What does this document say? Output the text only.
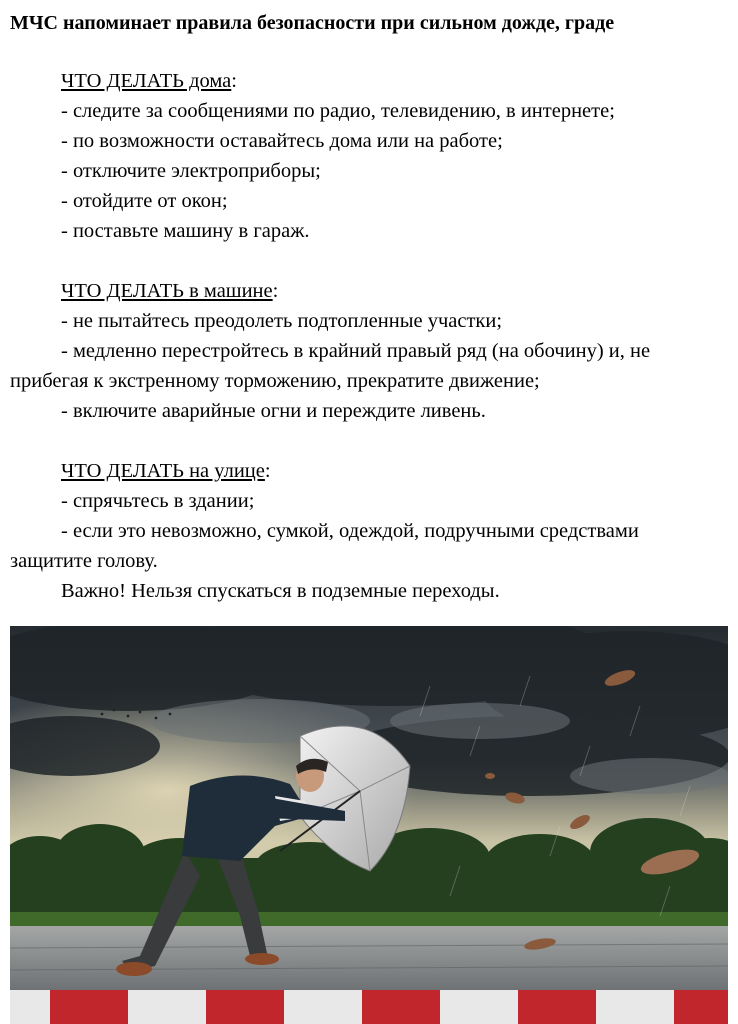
МЧС напоминает правила безопасности при сильном дожде, граде
ЧТО ДЕЛАТЬ дома:
- следите за сообщениями по радио, телевидению, в интернете;
- по возможности оставайтесь дома или на работе;
- отключите электроприборы;
- отойдите от окон;
- поставьте машину в гараж.
ЧТО ДЕЛАТЬ в машине:
- не пытайтесь преодолеть подтопленные участки;
- медленно перестройтесь в крайний правый ряд (на обочину) и, не
прибегая к экстренному торможению, прекратите движение;
- включите аварийные огни и переждите ливень.
ЧТО ДЕЛАТЬ на улице:
- спрячьтесь в здании;
- если это невозможно, сумкой, одеждой, подручными средствами
защитите голову.
Важно! Нельзя спускаться в подземные переходы.
